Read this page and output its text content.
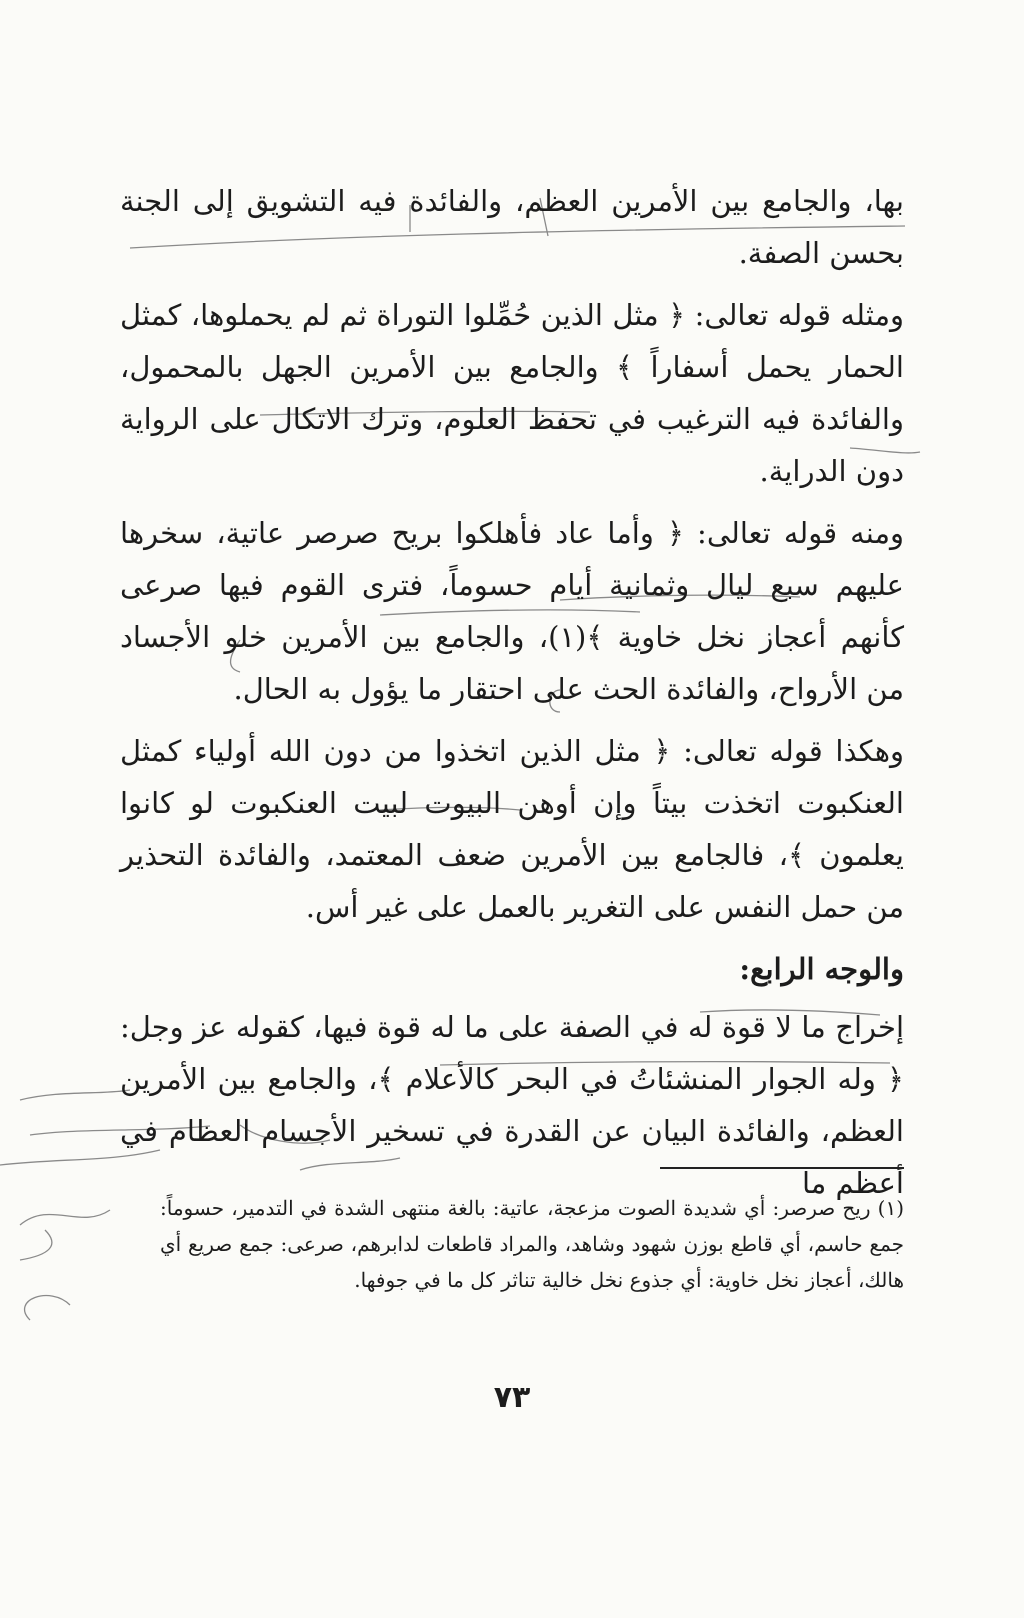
بها، والجامع بين الأمرين العظم، والفائدة فيه التشويق إلى الجنة بحسن الصفة.

ومثله قوله تعالى: ﴿ مثل الذين حُمِّلوا التوراة ثم لم يحملوها، كمثل الحمار يحمل أسفاراً ﴾ والجامع بين الأمرين الجهل بالمحمول، والفائدة فيه الترغيب في تحفظ العلوم، وترك الاتكال على الرواية دون الدراية.

ومنه قوله تعالى: ﴿ وأما عاد فأهلكوا بريح صرصر عاتية، سخرها عليهم سبع ليال وثمانية أيام حسوماً، فترى القوم فيها صرعى كأنهم أعجاز نخل خاوية ﴾(١)، والجامع بين الأمرين خلو الأجساد من الأرواح، والفائدة الحث على احتقار ما يؤول به الحال.

وهكذا قوله تعالى: ﴿ مثل الذين اتخذوا من دون الله أولياء كمثل العنكبوت اتخذت بيتاً وإن أوهن البيوت لبيت العنكبوت لو كانوا يعلمون ﴾، فالجامع بين الأمرين ضعف المعتمد، والفائدة التحذير من حمل النفس على التغرير بالعمل على غير أس.

والوجه الرابع:

إخراج ما لا قوة له في الصفة على ما له قوة فيها، كقوله عز وجل: ﴿ وله الجوار المنشئاتُ في البحر كالأعلام ﴾، والجامع بين الأمرين العظم، والفائدة البيان عن القدرة في تسخير الأجسام العظام في أعظم ما

(١) ريح صرصر: أي شديدة الصوت مزعجة، عاتية: بالغة منتهى الشدة في التدمير، حسوماً: جمع حاسم، أي قاطع بوزن شهود وشاهد، والمراد قاطعات لدابرهم، صرعى: جمع صريع أي هالك، أعجاز نخل خاوية: أي جذوع نخل خالية تناثر كل ما في جوفها.
٧٣
